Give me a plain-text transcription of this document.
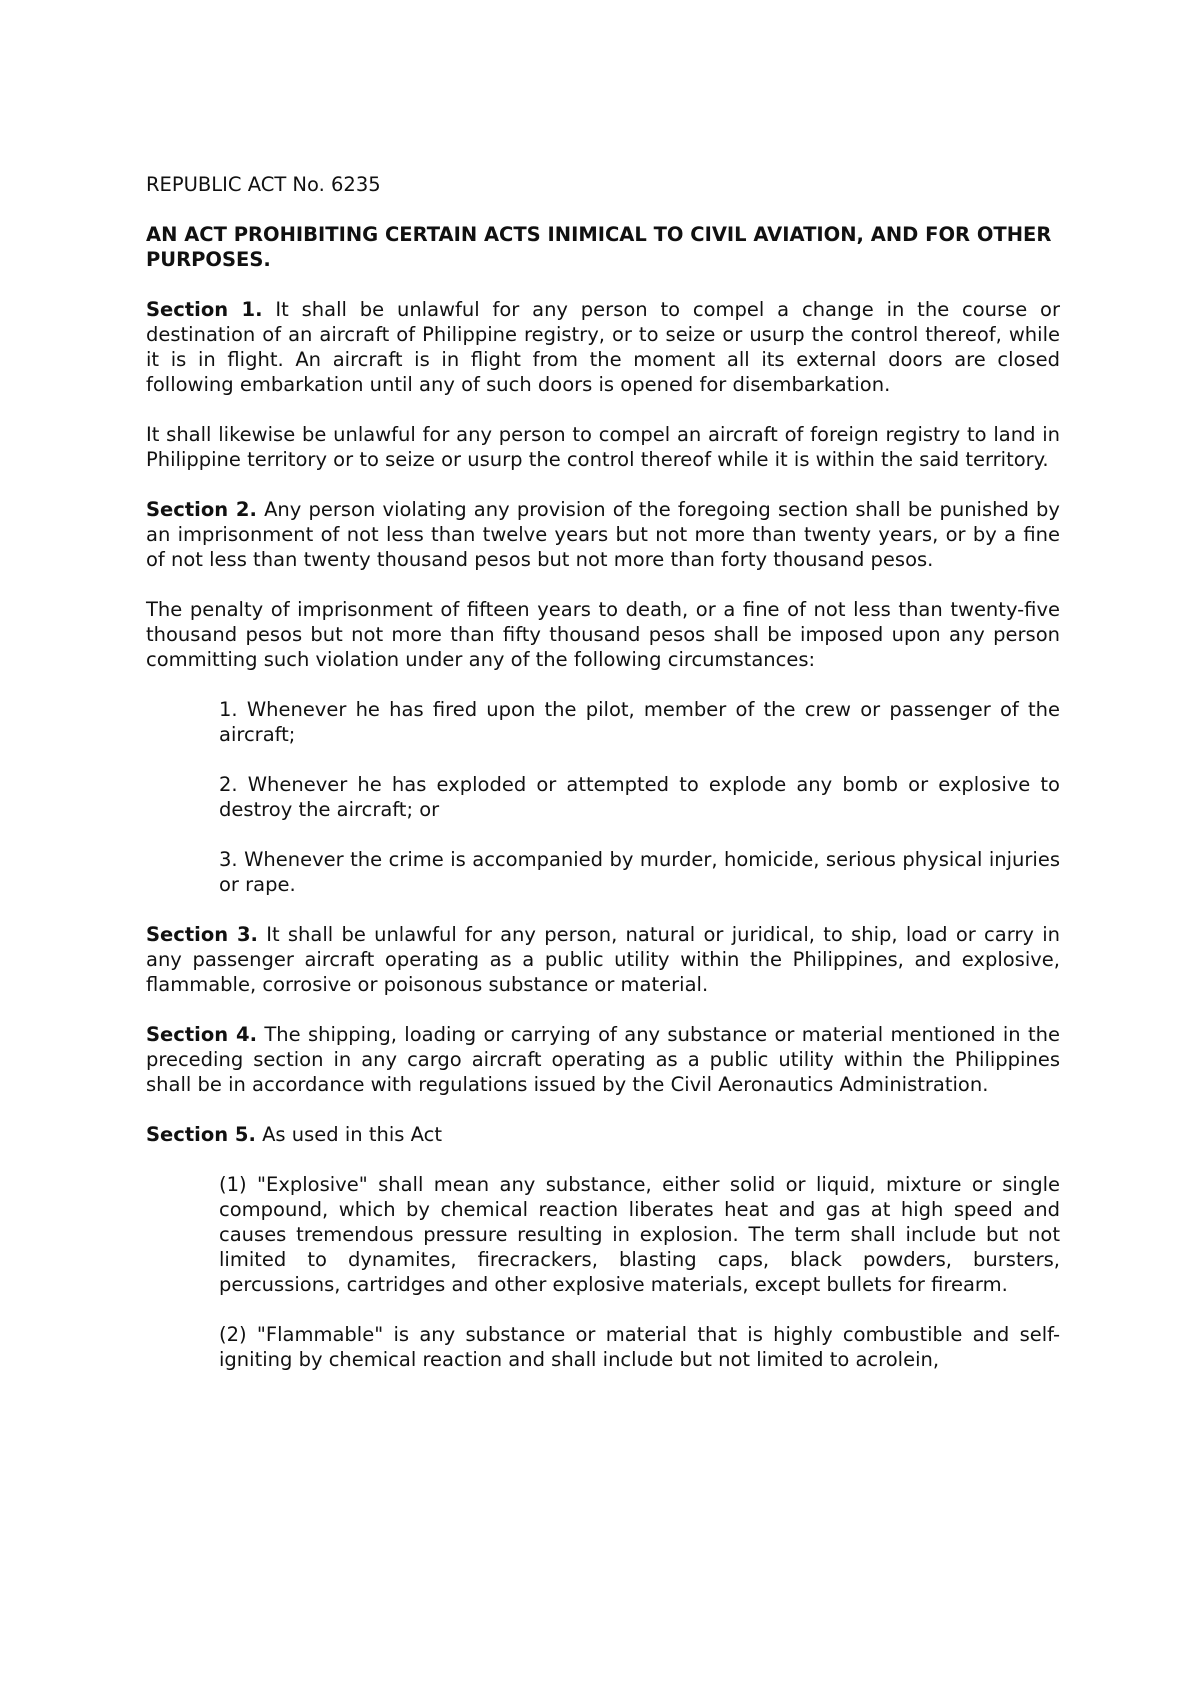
REPUBLIC ACT No. 6235
AN ACT PROHIBITING CERTAIN ACTS INIMICAL TO CIVIL AVIATION, AND FOR OTHER PURPOSES.
Section 1. It shall be unlawful for any person to compel a change in the course or destination of an aircraft of Philippine registry, or to seize or usurp the control thereof, while it is in flight. An aircraft is in flight from the moment all its external doors are closed following embarkation until any of such doors is opened for disembarkation.
It shall likewise be unlawful for any person to compel an aircraft of foreign registry to land in Philippine territory or to seize or usurp the control thereof while it is within the said territory.
Section 2. Any person violating any provision of the foregoing section shall be punished by an imprisonment of not less than twelve years but not more than twenty years, or by a fine of not less than twenty thousand pesos but not more than forty thousand pesos.
The penalty of imprisonment of fifteen years to death, or a fine of not less than twenty-five thousand pesos but not more than fifty thousand pesos shall be imposed upon any person committing such violation under any of the following circumstances:
1. Whenever he has fired upon the pilot, member of the crew or passenger of the aircraft;
2. Whenever he has exploded or attempted to explode any bomb or explosive to destroy the aircraft; or
3. Whenever the crime is accompanied by murder, homicide, serious physical injuries or rape.
Section 3. It shall be unlawful for any person, natural or juridical, to ship, load or carry in any passenger aircraft operating as a public utility within the Philippines, and explosive, flammable, corrosive or poisonous substance or material.
Section 4. The shipping, loading or carrying of any substance or material mentioned in the preceding section in any cargo aircraft operating as a public utility within the Philippines shall be in accordance with regulations issued by the Civil Aeronautics Administration.
Section 5. As used in this Act
(1) "Explosive" shall mean any substance, either solid or liquid, mixture or single compound, which by chemical reaction liberates heat and gas at high speed and causes tremendous pressure resulting in explosion. The term shall include but not limited to dynamites, firecrackers, blasting caps, black powders, bursters, percussions, cartridges and other explosive materials, except bullets for firearm.
(2) "Flammable" is any substance or material that is highly combustible and self-igniting by chemical reaction and shall include but not limited to acrolein,
